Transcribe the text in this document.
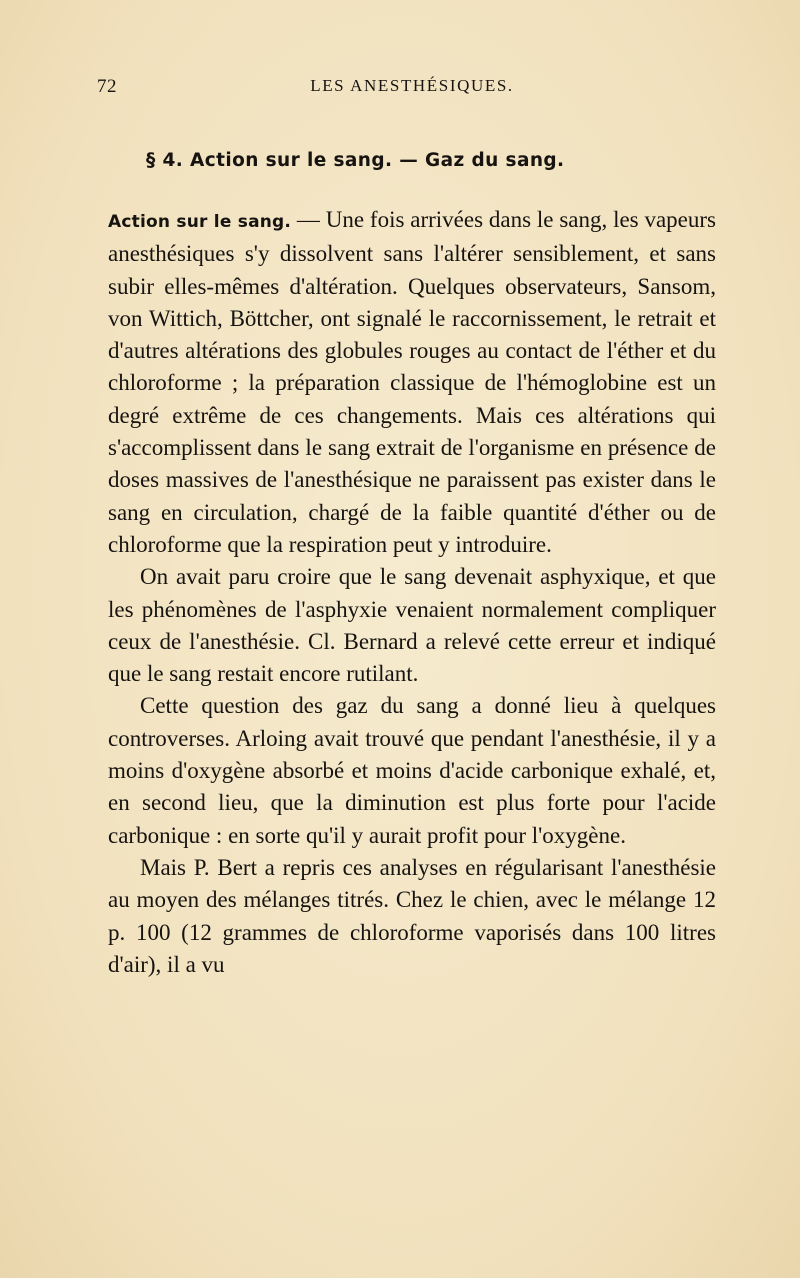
72	LES ANESTHÉSIQUES.
§ 4. Action sur le sang. — Gaz du sang.

Action sur le sang. — Une fois arrivées dans le sang, les vapeurs anesthésiques s'y dissolvent sans l'altérer sensiblement, et sans subir elles-mêmes d'altération. Quelques observateurs, Sansom, von Wittich, Böttcher, ont signalé le raccornissement, le retrait et d'autres altérations des globules rouges au contact de l'éther et du chloroforme ; la préparation classique de l'hémoglobine est un degré extrême de ces changements. Mais ces altérations qui s'accomplissent dans le sang extrait de l'organisme en présence de doses massives de l'anesthésique ne paraissent pas exister dans le sang en circulation, chargé de la faible quantité d'éther ou de chloroforme que la respiration peut y introduire.

On avait paru croire que le sang devenait asphyxique, et que les phénomènes de l'asphyxie venaient normalement compliquer ceux de l'anesthésie. Cl. Bernard a relevé cette erreur et indiqué que le sang restait encore rutilant.

Cette question des gaz du sang a donné lieu à quelques controverses. Arloing avait trouvé que pendant l'anesthésie, il y a moins d'oxygène absorbé et moins d'acide carbonique exhalé, et, en second lieu, que la diminution est plus forte pour l'acide carbonique : en sorte qu'il y aurait profit pour l'oxygène.

Mais P. Bert a repris ces analyses en régularisant l'anesthésie au moyen des mélanges titrés. Chez le chien, avec le mélange 12 p. 100 (12 grammes de chloroforme vaporisés dans 100 litres d'air), il a vu
